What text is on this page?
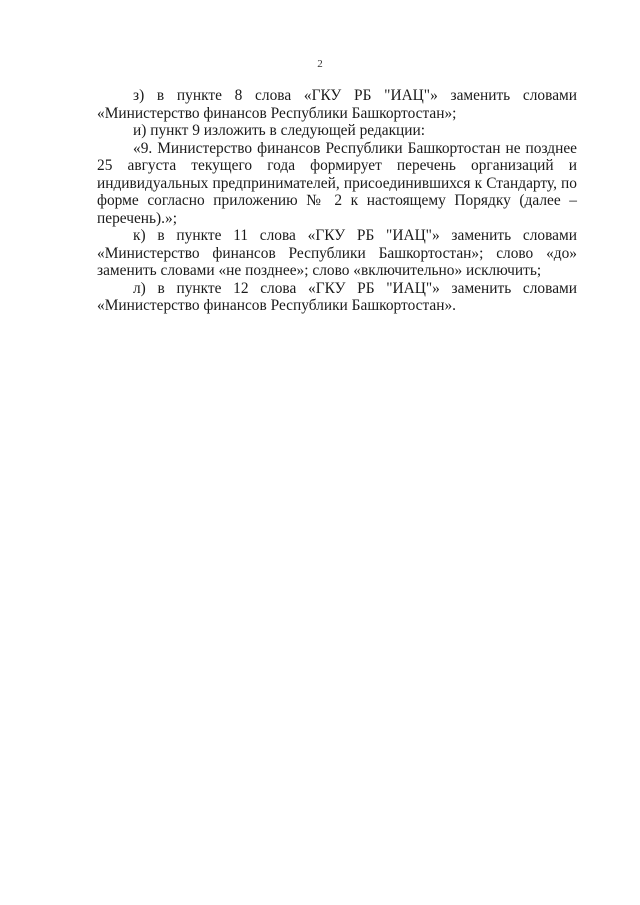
2

з) в пункте 8 слова «ГКУ РБ "ИАЦ"» заменить словами «Министерство финансов Республики Башкортостан»;

и) пункт 9 изложить в следующей редакции:

«9. Министерство финансов Республики Башкортостан не позднее 25 августа текущего года формирует перечень организаций и индивидуальных предпринимателей, присоединившихся к Стандарту, по форме согласно приложению № 2 к настоящему Порядку (далее – перечень).»;

к) в пункте 11 слова «ГКУ РБ "ИАЦ"» заменить словами «Министерство финансов Республики Башкортостан»; слово «до» заменить словами «не позднее»; слово «включительно» исключить;

л) в пункте 12 слова «ГКУ РБ "ИАЦ"» заменить словами «Министерство финансов Республики Башкортостан».
